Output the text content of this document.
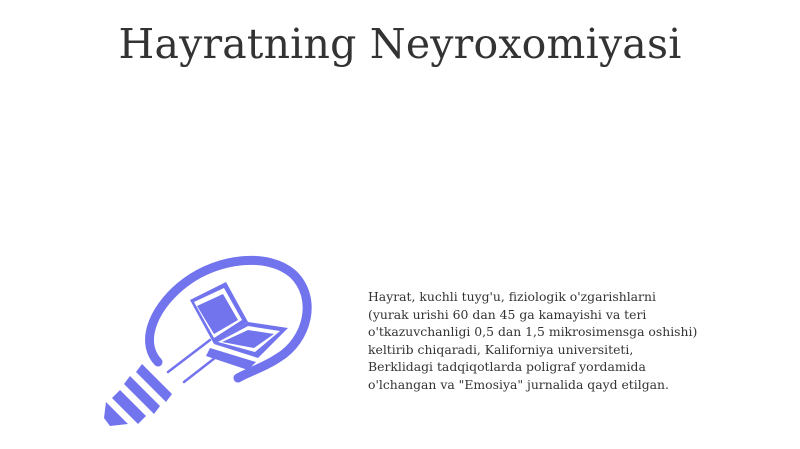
Hayratning Neyroxomiyasi

Hayrat, kuchli tuyg'u, fiziologik o'zgarishlarni
(yurak urishi 60 dan 45 ga kamayishi va teri
o'tkazuvchanligi 0,5 dan 1,5 mikrosimensga oshishi)
keltirib chiqaradi, Kaliforniya universiteti,
Berklidagi tadqiqotlarda poligraf yordamida
o'lchangan va "Emosiya" jurnalida qayd etilgan.
